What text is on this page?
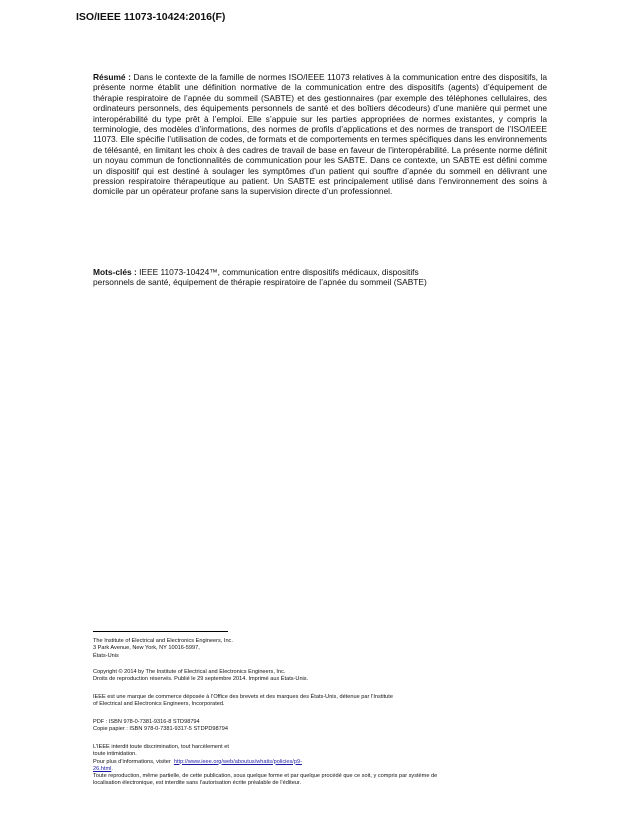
ISO/IEEE 11073-10424:2016(F)
Résumé : Dans le contexte de la famille de normes ISO/IEEE 11073 relatives à la communication entre des dispositifs, la présente norme établit une définition normative de la communication entre des dispositifs (agents) d’équipement de thérapie respiratoire de l’apnée du sommeil (SABTE) et des gestionnaires (par exemple des téléphones cellulaires, des ordinateurs personnels, des équipements personnels de santé et des boîtiers décodeurs) d’une manière qui permet une interopérabilité du type prêt à l’emploi. Elle s’appuie sur les parties appropriées de normes existantes, y compris la terminologie, des modèles d’informations, des normes de profils d’applications et des normes de transport de l’ISO/IEEE 11073. Elle spécifie l’utilisation de codes, de formats et de comportements en termes spécifiques dans les environnements de télésanté, en limitant les choix à des cadres de travail de base en faveur de l’interopérabilité. La présente norme définit un noyau commun de fonctionnalités de communication pour les SABTE. Dans ce contexte, un SABTE est défini comme un dispositif qui est destiné à soulager les symptômes d’un patient qui souffre d’apnée du sommeil en délivrant une pression respiratoire thérapeutique au patient. Un SABTE est principalement utilisé dans l’environnement des soins à domicile par un opérateur profane sans la supervision directe d’un professionnel.
Mots-clés : IEEE 11073-10424™, communication entre dispositifs médicaux, dispositifs
personnels de santé, équipement de thérapie respiratoire de l’apnée du sommeil (SABTE)

The Institute of Electrical and Electronics Engineers, Inc.

3 Park Avenue, New York, NY 10016-5997,

États-Unis

Copyright © 2014 by The Institute of Electrical and Electronics Engineers, Inc.

Droits de reproduction réservés. Publié le 29 septembre 2014. Imprimé aux États-Unis.

IEEE est une marque de commerce déposée à l’Office des brevets et des marques des États-Unis, détenue par l’Institute

of Electrical and Electronics Engineers, Incorporated.

PDF : ISBN 978-0-7381-9316-8 STD98794

Copie papier : ISBN 978-0-7381-9317-5 STDPD98794

L’IEEE interdit toute discrimination, tout harcèlement et

toute intimidation.

Pour plus d’informations, visiter http://www.ieee.org/web/aboutus/whatis/policies/p9-

26.html.

Toute reproduction, même partielle, de cette publication, sous quelque forme et par quelque procédé que ce soit, y compris par système de

localisation électronique, est interdite sans l’autorisation écrite préalable de l’éditeur.
